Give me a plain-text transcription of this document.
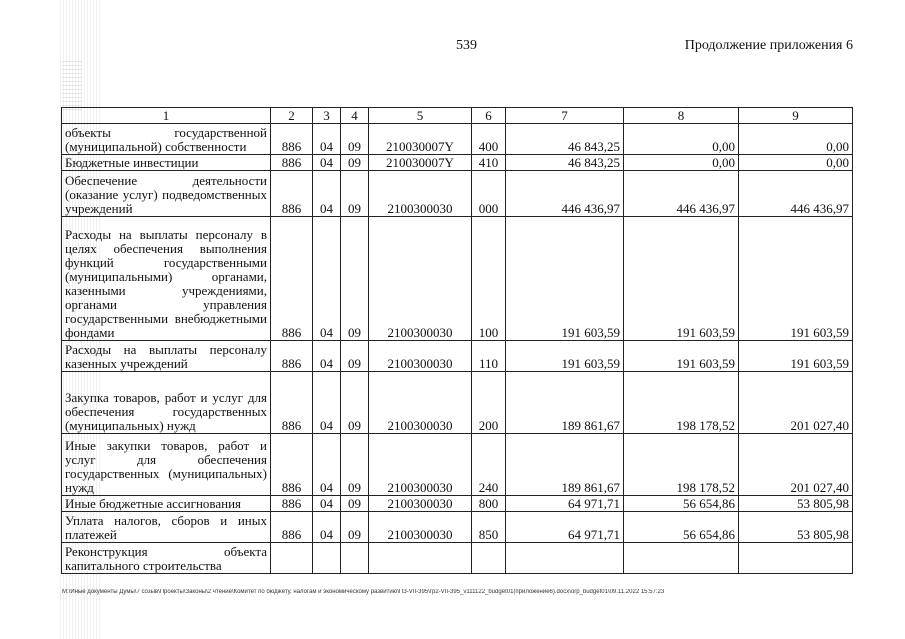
539	Продолжение приложения 6
1	2	3	4	5	6	7	8	9
объекты государственной (муниципальной) собственности	886	04	09	210030007Y	400	46 843,25	0,00	0,00
Бюджетные инвестиции	886	04	09	210030007Y	410	46 843,25	0,00	0,00
Обеспечение деятельности (оказание услуг) подведомственных учреждений	886	04	09	2100300030	000	446 436,97	446 436,97	446 436,97
Расходы на выплаты персоналу в целях обеспечения выполнения функций государственными (муниципальными) органами, казенными учреждениями, органами управления государственными внебюджетными фондами	886	04	09	2100300030	100	191 603,59	191 603,59	191 603,59
Расходы на выплаты персоналу казенных учреждений	886	04	09	2100300030	110	191 603,59	191 603,59	191 603,59
Закупка товаров, работ и услуг для обеспечения государственных (муниципальных) нужд	886	04	09	2100300030	200	189 861,67	198 178,52	201 027,40
Иные закупки товаров, работ и услуг для обеспечения государственных (муниципальных) нужд	886	04	09	2100300030	240	189 861,67	198 178,52	201 027,40
Иные бюджетные ассигнования	886	04	09	2100300030	800	64 971,71	56 654,86	53 805,98
Уплата налогов, сборов и иных платежей	886	04	09	2100300030	850	64 971,71	56 654,86	53 805,98
Реконструкция объекта капитального строительства								
M:\Иные документы Думы\7 созыв\Проекты\Законы\2 чтение\Комитет по бюджету, налогам и экономическому развитию\ПЗ-VII-395\гр2-VII-395_v111122_budget01(приложение6).docx\orp_budget01\09.11.2022 15:57:23
